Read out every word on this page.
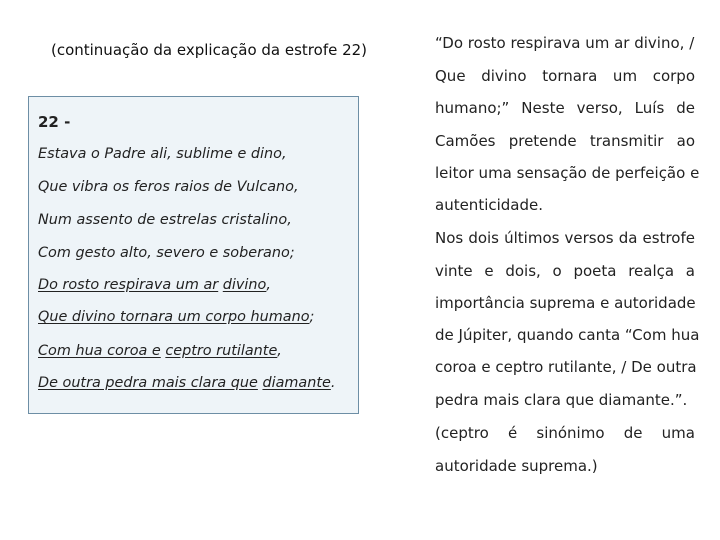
(continuação da explicação da estrofe 22)
22 -
Estava o Padre ali, sublime e dino,
Que vibra os feros raios de Vulcano,
Num assento de estrelas cristalino,
Com gesto alto, severo e soberano;
Do rosto respirava um ar divino,
Que divino tornara um corpo humano;
Com hua coroa e ceptro rutilante,
De outra pedra mais clara que diamante.
“Do rosto respirava um ar divino, /
Que divino tornara um corpo
humano;” Neste verso, Luís de
Camões pretende transmitir ao
leitor uma sensação de perfeição e
autenticidade.
Nos dois últimos versos da estrofe
vinte e dois, o poeta realça a
importância suprema e autoridade
de Júpiter, quando canta “Com hua
coroa e ceptro rutilante, / De outra
pedra mais clara que diamante.”.
(ceptro é sinónimo de uma
autoridade suprema.)
